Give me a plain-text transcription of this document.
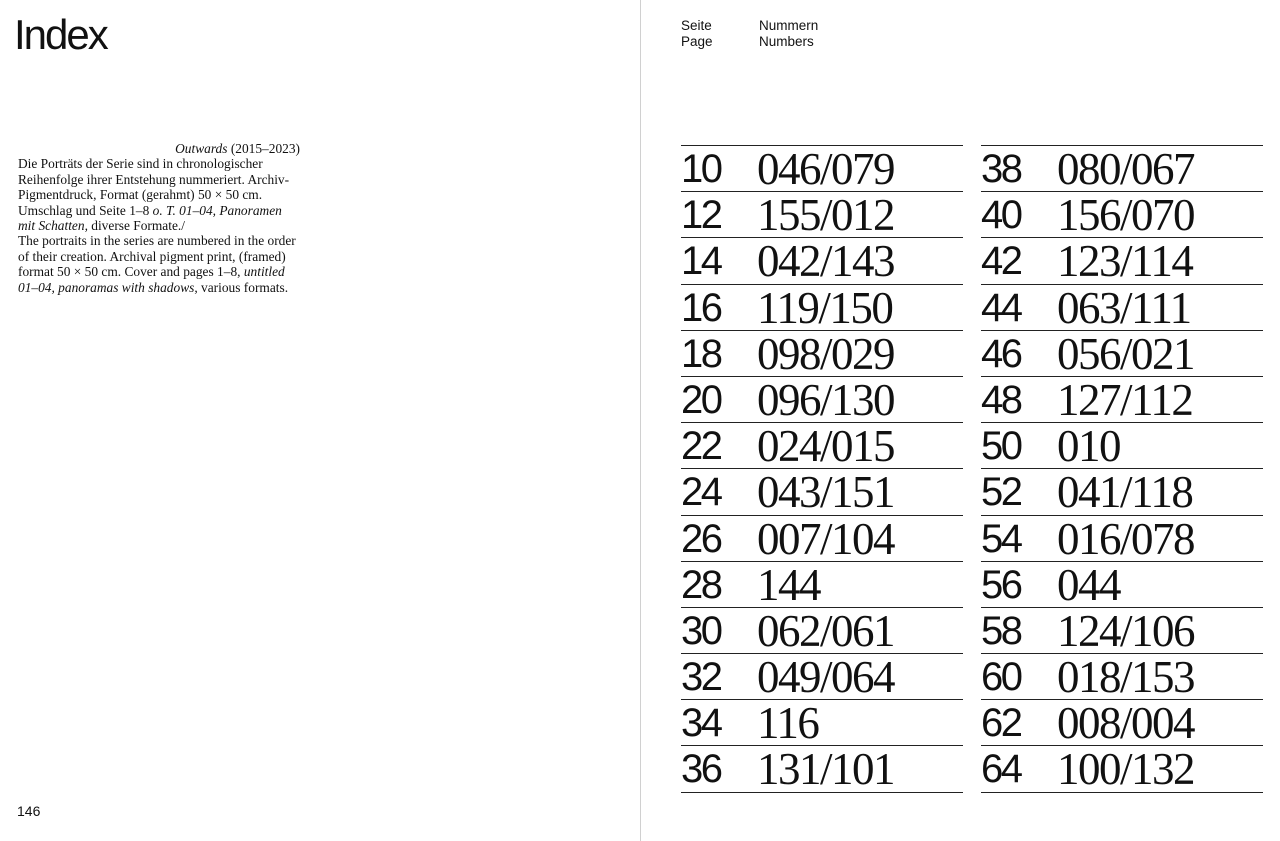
Index
Outwards (2015–2023)
Die Porträts der Serie sind in chronologischer Reihenfolge ihrer Entstehung nummeriert. Archiv-Pigmentdruck, Format (gerahmt) 50 × 50 cm. Umschlag und Seite 1–8 o. T. 01–04, Panoramen mit Schatten, diverse Formate./
The portraits in the series are numbered in the order of their creation. Archival pigment print, (framed) format 50 × 50 cm. Cover and pages 1–8, untitled 01–04, panoramas with shadows, various formats.
146
Seite
Page
Nummern
Numbers
10 046/079
12 155/012
14 042/143
16 119/150
18 098/029
20 096/130
22 024/015
24 043/151
26 007/104
28 144
30 062/061
32 049/064
34 116
36 131/101
38 080/067
40 156/070
42 123/114
44 063/111
46 056/021
48 127/112
50 010
52 041/118
54 016/078
56 044
58 124/106
60 018/153
62 008/004
64 100/132
